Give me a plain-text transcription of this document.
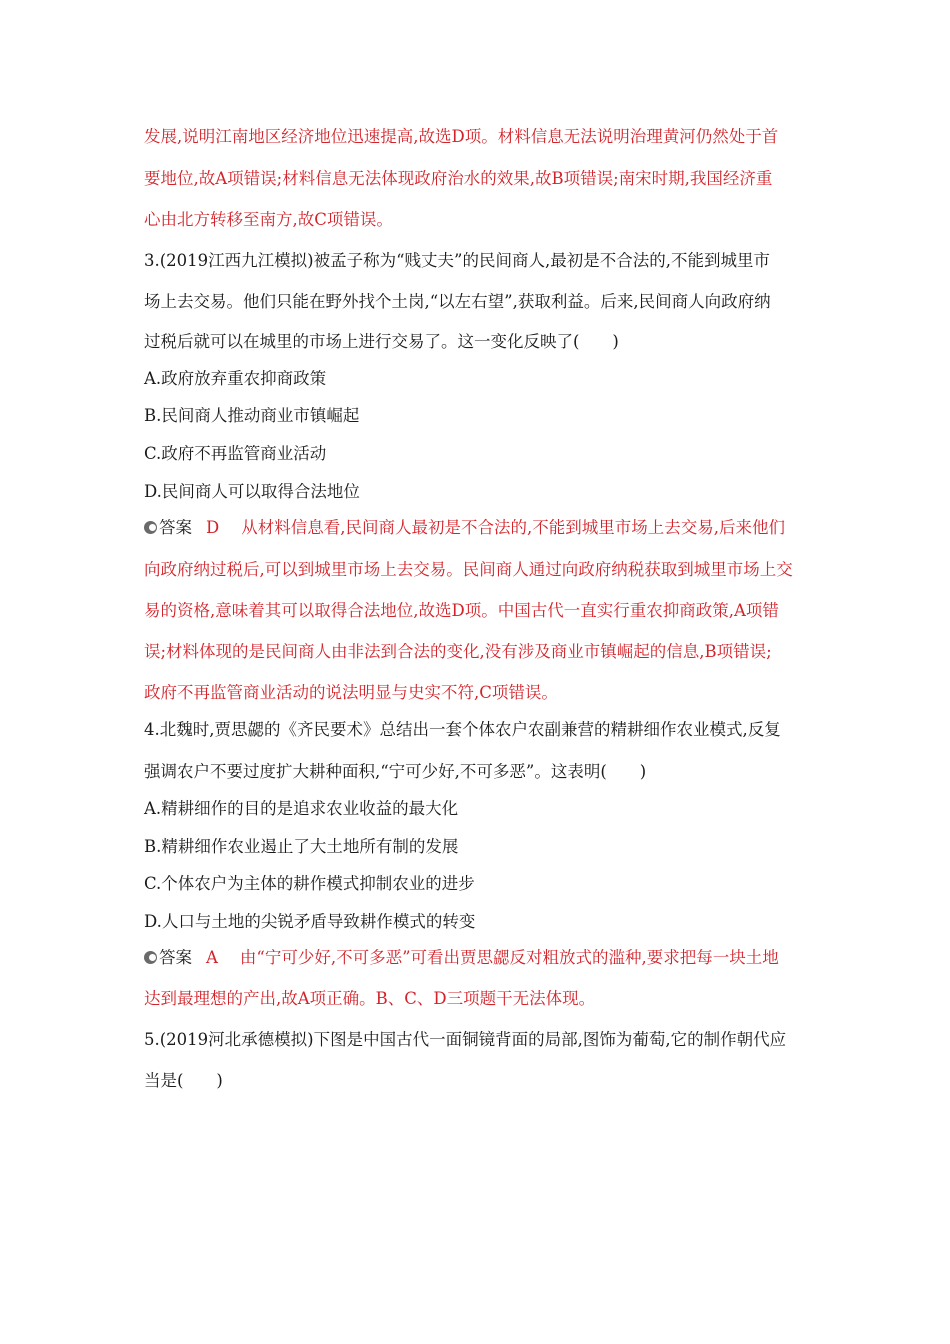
发展,说明江南地区经济地位迅速提高,故选D项。材料信息无法说明治理黄河仍然处于首
要地位,故A项错误;材料信息无法体现政府治水的效果,故B项错误;南宋时期,我国经济重
心由北方转移至南方,故C项错误。
3.(2019江西九江模拟)被孟子称为“贱丈夫”的民间商人,最初是不合法的,不能到城里市
场上去交易。他们只能在野外找个土岗,“以左右望”,获取利益。后来,民间商人向政府纳
过税后就可以在城里的市场上进行交易了。这一变化反映了(　　)
A.政府放弃重农抑商政策
B.民间商人推动商业市镇崛起
C.政府不再监管商业活动
D.民间商人可以取得合法地位
答案 D 从材料信息看,民间商人最初是不合法的,不能到城里市场上去交易,后来他们
向政府纳过税后,可以到城里市场上去交易。民间商人通过向政府纳税获取到城里市场上交
易的资格,意味着其可以取得合法地位,故选D项。中国古代一直实行重农抑商政策,A项错
误;材料体现的是民间商人由非法到合法的变化,没有涉及商业市镇崛起的信息,B项错误;
政府不再监管商业活动的说法明显与史实不符,C项错误。
4.北魏时,贾思勰的《齐民要术》总结出一套个体农户农副兼营的精耕细作农业模式,反复
强调农户不要过度扩大耕种面积,“宁可少好,不可多恶”。这表明(　　)
A.精耕细作的目的是追求农业收益的最大化
B.精耕细作农业遏止了大土地所有制的发展
C.个体农户为主体的耕作模式抑制农业的进步
D.人口与土地的尖锐矛盾导致耕作模式的转变
答案 A 由“宁可少好,不可多恶”可看出贾思勰反对粗放式的滥种,要求把每一块土地
达到最理想的产出,故A项正确。B、C、D三项题干无法体现。
5.(2019河北承德模拟)下图是中国古代一面铜镜背面的局部,图饰为葡萄,它的制作朝代应
当是(　　)
